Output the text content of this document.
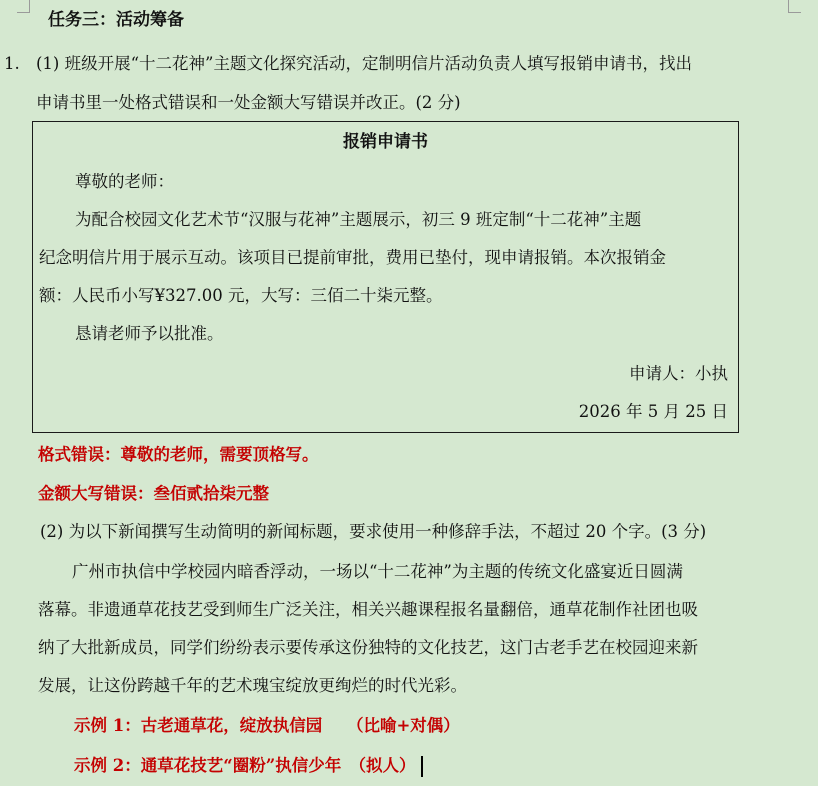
任务三：活动筹备
1. (1) 班级开展“十二花神”主题文化探究活动，定制明信片活动负责人填写报销申请书，找出
申请书里一处格式错误和一处金额大写错误并改正。(2 分)
报销申请书
尊敬的老师：
为配合校园文化艺术节“汉服与花神”主题展示，初三 9 班定制“十二花神”主题
纪念明信片用于展示互动。该项目已提前审批，费用已垫付，现申请报销。本次报销金
额：人民币小写¥327.00 元，大写：三佰二十柒元整。
恳请老师予以批准。
申请人：小执
2026 年 5 月 25 日
格式错误：尊敬的老师，需要顶格写。
金额大写错误：叁佰贰拾柒元整
(2) 为以下新闻撰写生动简明的新闻标题，要求使用一种修辞手法，不超过 20 个字。(3 分)
广州市执信中学校园内暗香浮动，一场以“十二花神”为主题的传统文化盛宴近日圆满
落幕。非遗通草花技艺受到师生广泛关注，相关兴趣课程报名量翻倍，通草花制作社团也吸
纳了大批新成员，同学们纷纷表示要传承这份独特的文化技艺，这门古老手艺在校园迎来新
发展，让这份跨越千年的艺术瑰宝绽放更绚烂的时代光彩。
示例 1：古老通草花，绽放执信园　　（比喻+对偶）
示例 2：通草花技艺“圈粉”执信少年　（拟人）
